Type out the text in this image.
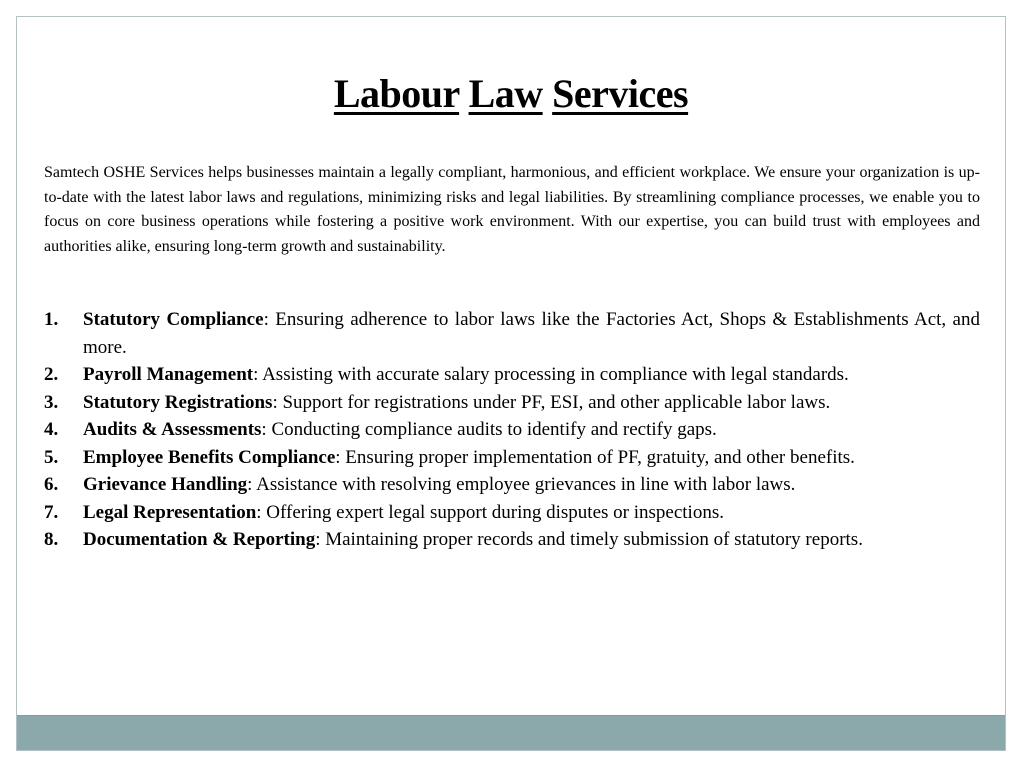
Labour Law Services

Samtech OSHE Services helps businesses maintain a legally compliant, harmonious, and efficient workplace. We ensure your organization is up-to-date with the latest labor laws and regulations, minimizing risks and legal liabilities. By streamlining compliance processes, we enable you to focus on core business operations while fostering a positive work environment. With our expertise, you can build trust with employees and authorities alike, ensuring long-term growth and sustainability.

1. Statutory Compliance: Ensuring adherence to labor laws like the Factories Act, Shops & Establishments Act, and more.
2. Payroll Management: Assisting with accurate salary processing in compliance with legal standards.
3. Statutory Registrations: Support for registrations under PF, ESI, and other applicable labor laws.
4. Audits & Assessments: Conducting compliance audits to identify and rectify gaps.
5. Employee Benefits Compliance: Ensuring proper implementation of PF, gratuity, and other benefits.
6. Grievance Handling: Assistance with resolving employee grievances in line with labor laws.
7. Legal Representation: Offering expert legal support during disputes or inspections.
8. Documentation & Reporting: Maintaining proper records and timely submission of statutory reports.
